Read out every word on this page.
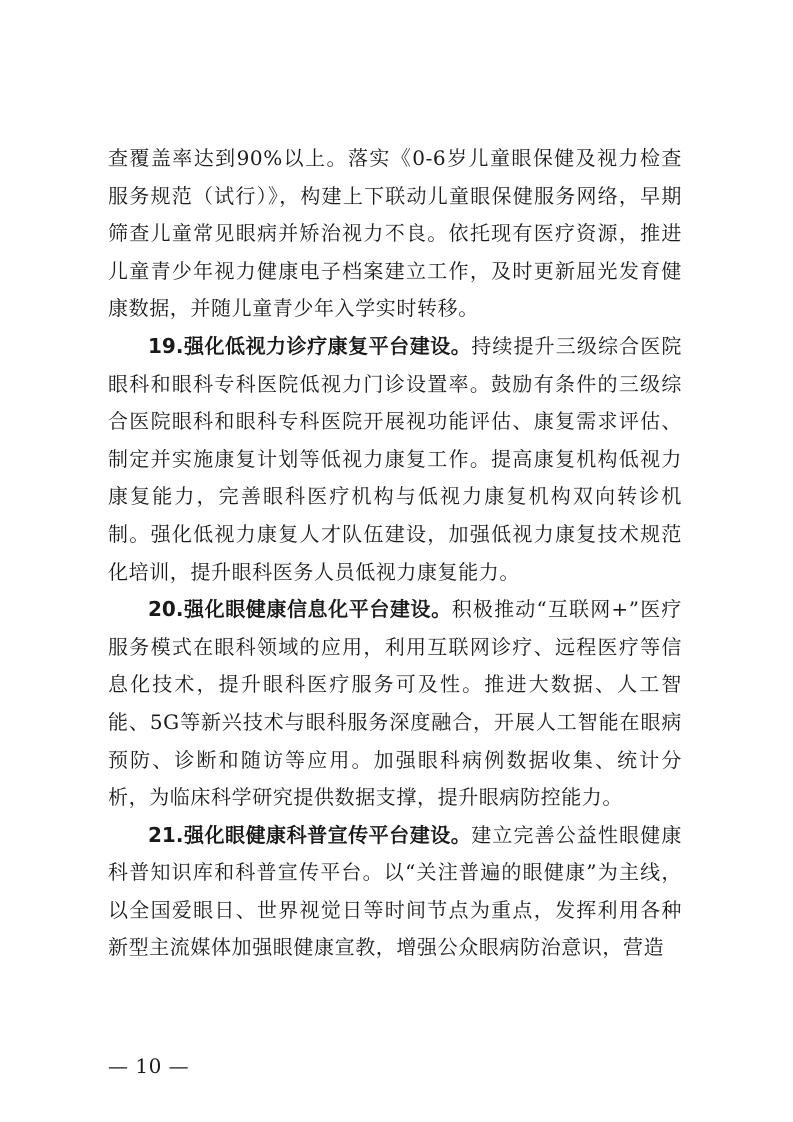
查覆盖率达到90%以上。落实《0-6岁儿童眼保健及视力检查服务规范（试行）》，构建上下联动儿童眼保健服务网络，早期筛查儿童常见眼病并矫治视力不良。依托现有医疗资源，推进儿童青少年视力健康电子档案建立工作，及时更新屈光发育健康数据，并随儿童青少年入学实时转移。

19.强化低视力诊疗康复平台建设。持续提升三级综合医院眼科和眼科专科医院低视力门诊设置率。鼓励有条件的三级综合医院眼科和眼科专科医院开展视功能评估、康复需求评估、制定并实施康复计划等低视力康复工作。提高康复机构低视力康复能力，完善眼科医疗机构与低视力康复机构双向转诊机制。强化低视力康复人才队伍建设，加强低视力康复技术规范化培训，提升眼科医务人员低视力康复能力。

20.强化眼健康信息化平台建设。积极推动“互联网+”医疗服务模式在眼科领域的应用，利用互联网诊疗、远程医疗等信息化技术，提升眼科医疗服务可及性。推进大数据、人工智能、5G等新兴技术与眼科服务深度融合，开展人工智能在眼病预防、诊断和随访等应用。加强眼科病例数据收集、统计分析，为临床科学研究提供数据支撑，提升眼病防控能力。

21.强化眼健康科普宣传平台建设。建立完善公益性眼健康科普知识库和科普宣传平台。以“关注普遍的眼健康”为主线，以全国爱眼日、世界视觉日等时间节点为重点，发挥利用各种新型主流媒体加强眼健康宣教，增强公众眼病防治意识，营造

— 10 —
